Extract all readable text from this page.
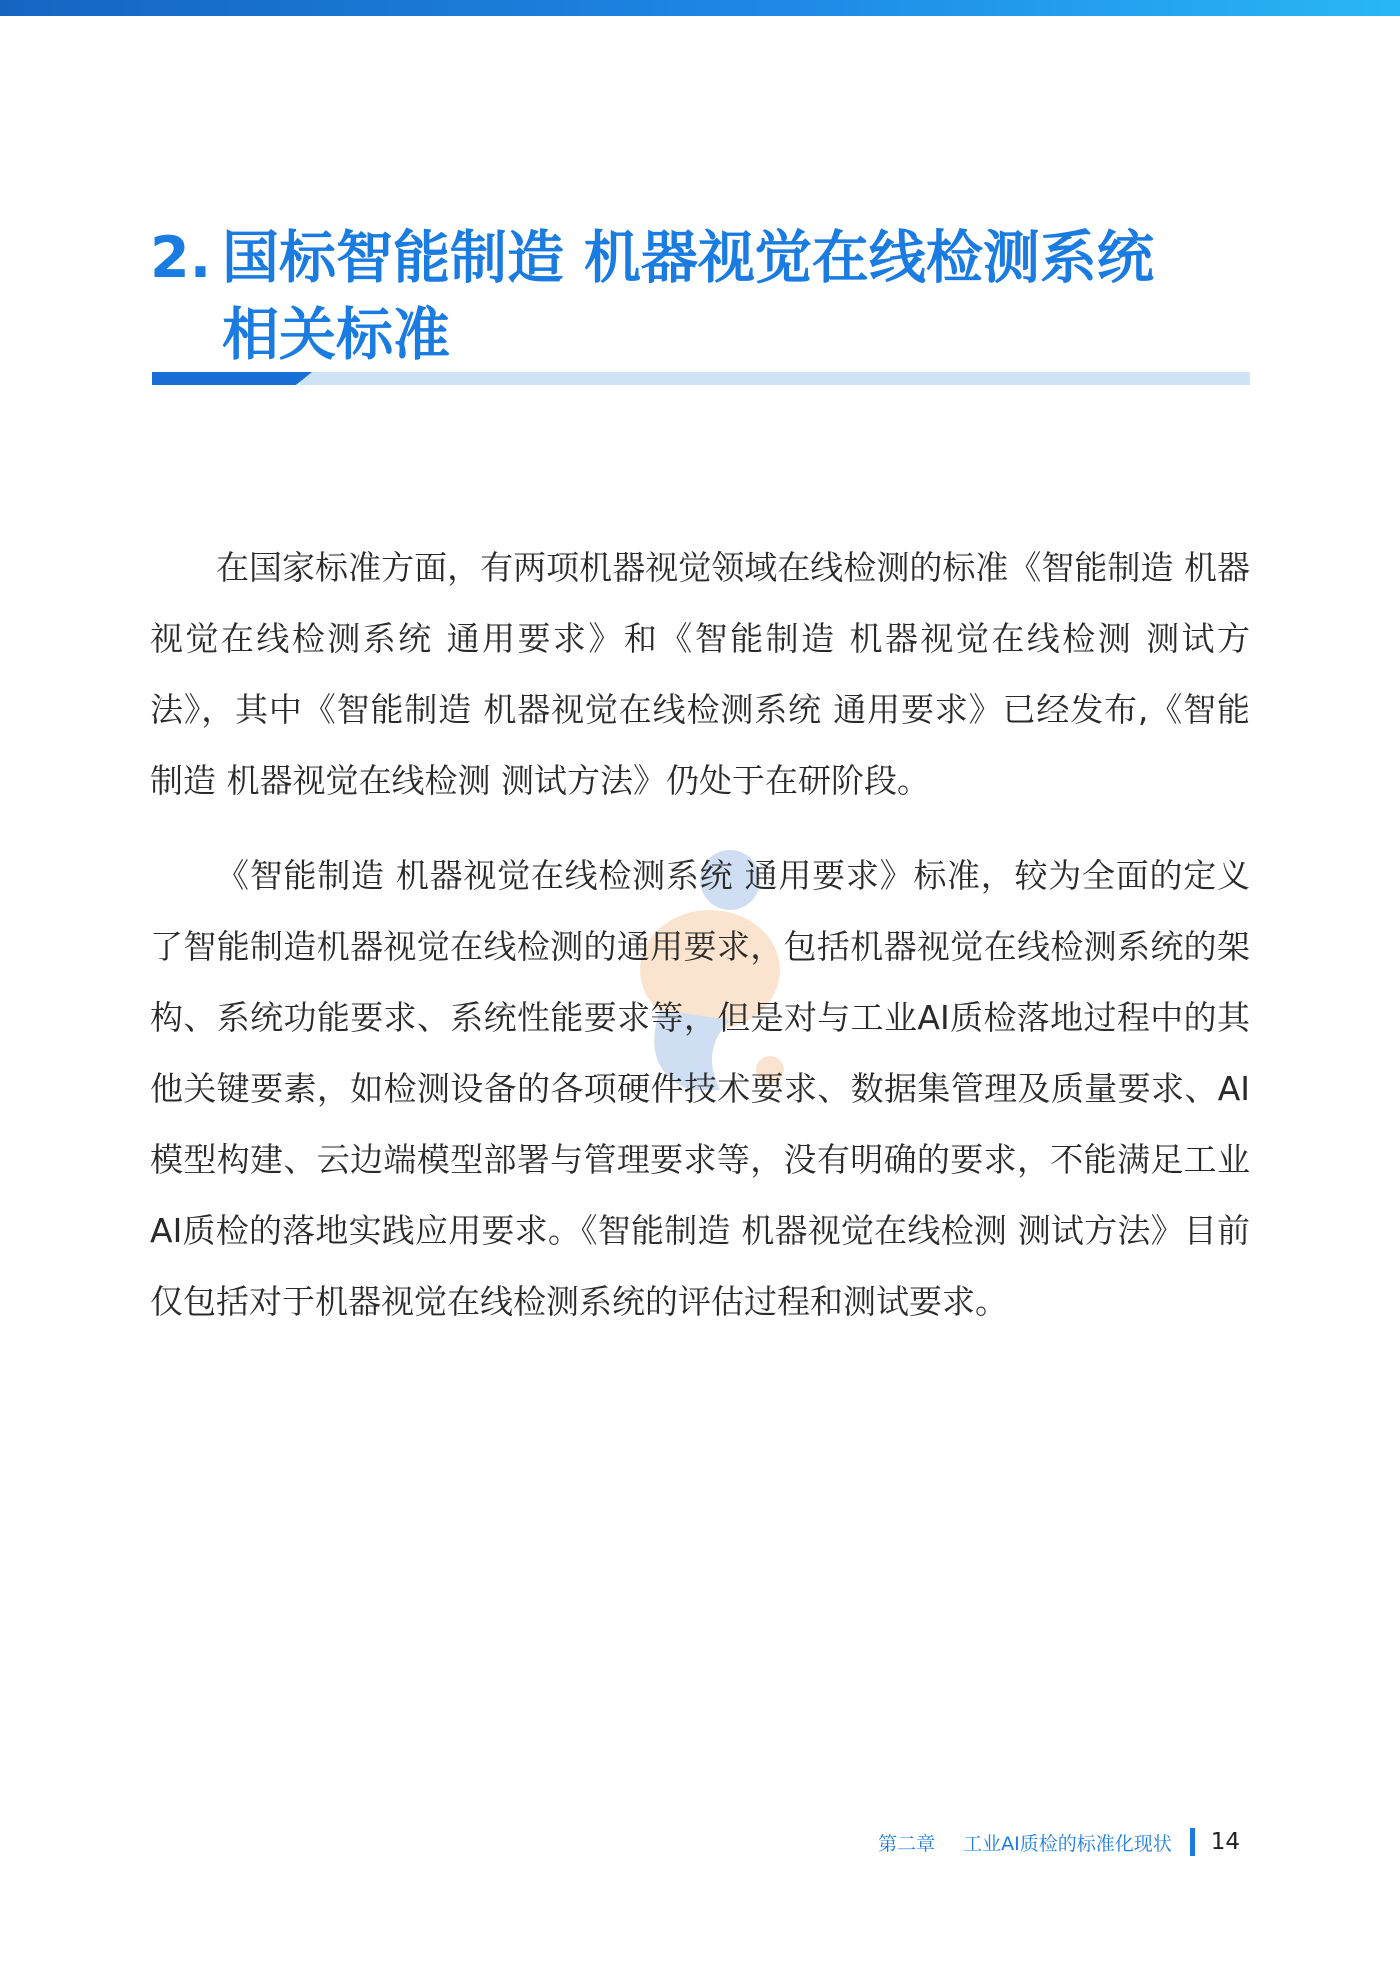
2. 国标智能制造 机器视觉在线检测系统
相关标准

在国家标准方面，有两项机器视觉领域在线检测的标准《智能制造 机器视觉在线检测系统 通用要求》和《智能制造 机器视觉在线检测 测试方法》，其中《智能制造 机器视觉在线检测系统 通用要求》已经发布,《智能制造 机器视觉在线检测 测试方法》仍处于在研阶段。

《智能制造 机器视觉在线检测系统 通用要求》标准，较为全面的定义了智能制造机器视觉在线检测的通用要求，包括机器视觉在线检测系统的架构、系统功能要求、系统性能要求等，但是对与工业AI质检落地过程中的其他关键要素，如检测设备的各项硬件技术要求、数据集管理及质量要求、AI模型构建、云边端模型部署与管理要求等，没有明确的要求，不能满足工业AI质检的落地实践应用要求。《智能制造 机器视觉在线检测 测试方法》目前仅包括对于机器视觉在线检测系统的评估过程和测试要求。

第二章 工业AI质检的标准化现状 14
